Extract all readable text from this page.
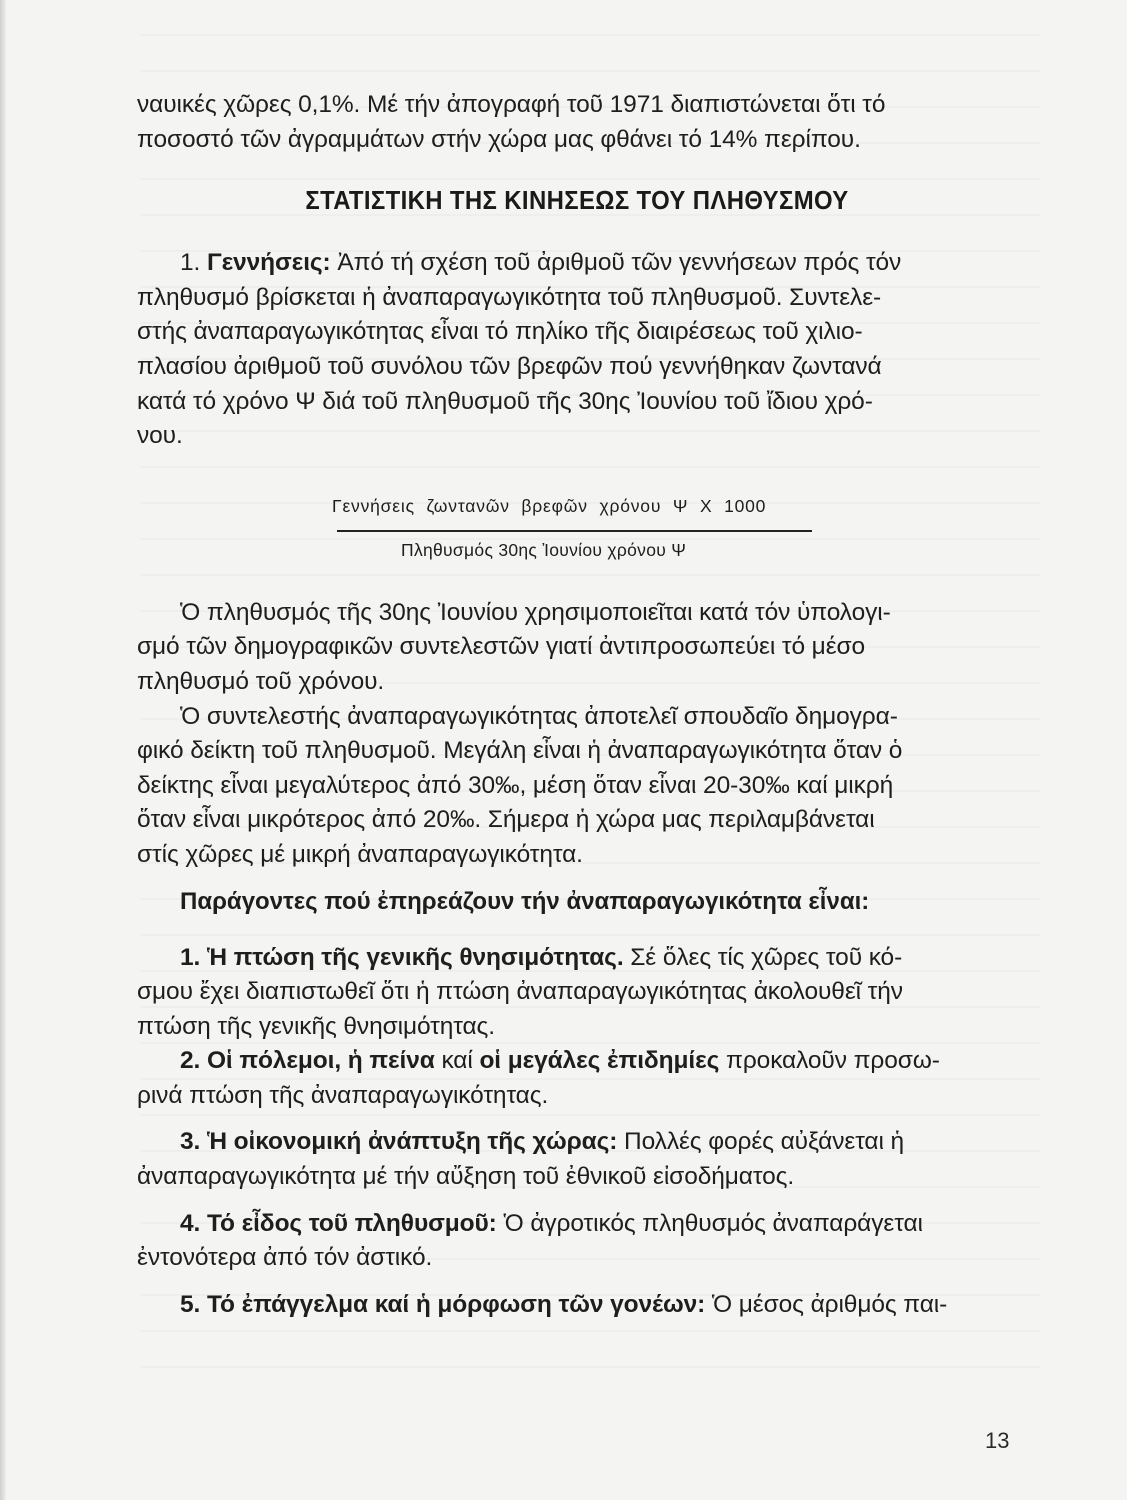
ναυικές χῶρες 0,1%. Μέ τήν ἀπογραφή τοῦ 1971 διαπιστώνεται ὅτι τό
ποσοστό τῶν ἀγραμμάτων στήν χώρα μας φθάνει τό 14% περίπου.
ΣΤΑΤΙΣΤΙΚΗ ΤΗΣ ΚΙΝΗΣΕΩΣ ΤΟΥ ΠΛΗΘΥΣΜΟΥ
1. Γεννήσεις: Ἀπό τή σχέση τοῦ ἀριθμοῦ τῶν γεννήσεων πρός τόν
πληθυσμό βρίσκεται ἡ ἀναπαραγωγικότητα τοῦ πληθυσμοῦ. Συντελε-
στής ἀναπαραγωγικότητας εἶναι τό πηλίκο τῆς διαιρέσεως τοῦ χιλιο-
πλασίου ἀριθμοῦ τοῦ συνόλου τῶν βρεφῶν πού γεννήθηκαν ζωντανά
κατά τό χρόνο Ψ διά τοῦ πληθυσμοῦ τῆς 30ης Ἰουνίου τοῦ ἴδιου χρό-
νου.
Γεννήσεις ζωντανῶν βρεφῶν χρόνου Ψ Χ 1000
Πληθυσμός 30ης Ἰουνίου χρόνου Ψ
Ὁ πληθυσμός τῆς 30ης Ἰουνίου χρησιμοποιεῖται κατά τόν ὑπολογι-
σμό τῶν δημογραφικῶν συντελεστῶν γιατί ἀντιπροσωπεύει τό μέσο
πληθυσμό τοῦ χρόνου.
Ὁ συντελεστής ἀναπαραγωγικότητας ἀποτελεῖ σπουδαῖο δημογρα-
φικό δείκτη τοῦ πληθυσμοῦ. Μεγάλη εἶναι ἡ ἀναπαραγωγικότητα ὅταν ὁ
δείκτης εἶναι μεγαλύτερος ἀπό 30‰, μέση ὅταν εἶναι 20-30‰ καί μικρή
ὅταν εἶναι μικρότερος ἀπό 20‰. Σήμερα ἡ χώρα μας περιλαμβάνεται
στίς χῶρες μέ μικρή ἀναπαραγωγικότητα.
Παράγοντες πού ἐπηρεάζουν τήν ἀναπαραγωγικότητα εἶναι:
1. Ἡ πτώση τῆς γενικῆς θνησιμότητας. Σέ ὅλες τίς χῶρες τοῦ κό-
σμου ἔχει διαπιστωθεῖ ὅτι ἡ πτώση ἀναπαραγωγικότητας ἀκολουθεῖ τήν
πτώση τῆς γενικῆς θνησιμότητας.
2. Οἱ πόλεμοι, ἡ πείνα καί οἱ μεγάλες ἐπιδημίες προκαλοῦν προσω-
ρινά πτώση τῆς ἀναπαραγωγικότητας.
3. Ἡ οἰκονομική ἀνάπτυξη τῆς χώρας: Πολλές φορές αὐξάνεται ἡ
ἀναπαραγωγικότητα μέ τήν αὔξηση τοῦ ἐθνικοῦ εἰσοδήματος.
4. Τό εἶδος τοῦ πληθυσμοῦ: Ὁ ἀγροτικός πληθυσμός ἀναπαράγεται
ἐντονότερα ἀπό τόν ἀστικό.
5. Τό ἐπάγγελμα καί ἡ μόρφωση τῶν γονέων: Ὁ μέσος ἀριθμός παι-
13
